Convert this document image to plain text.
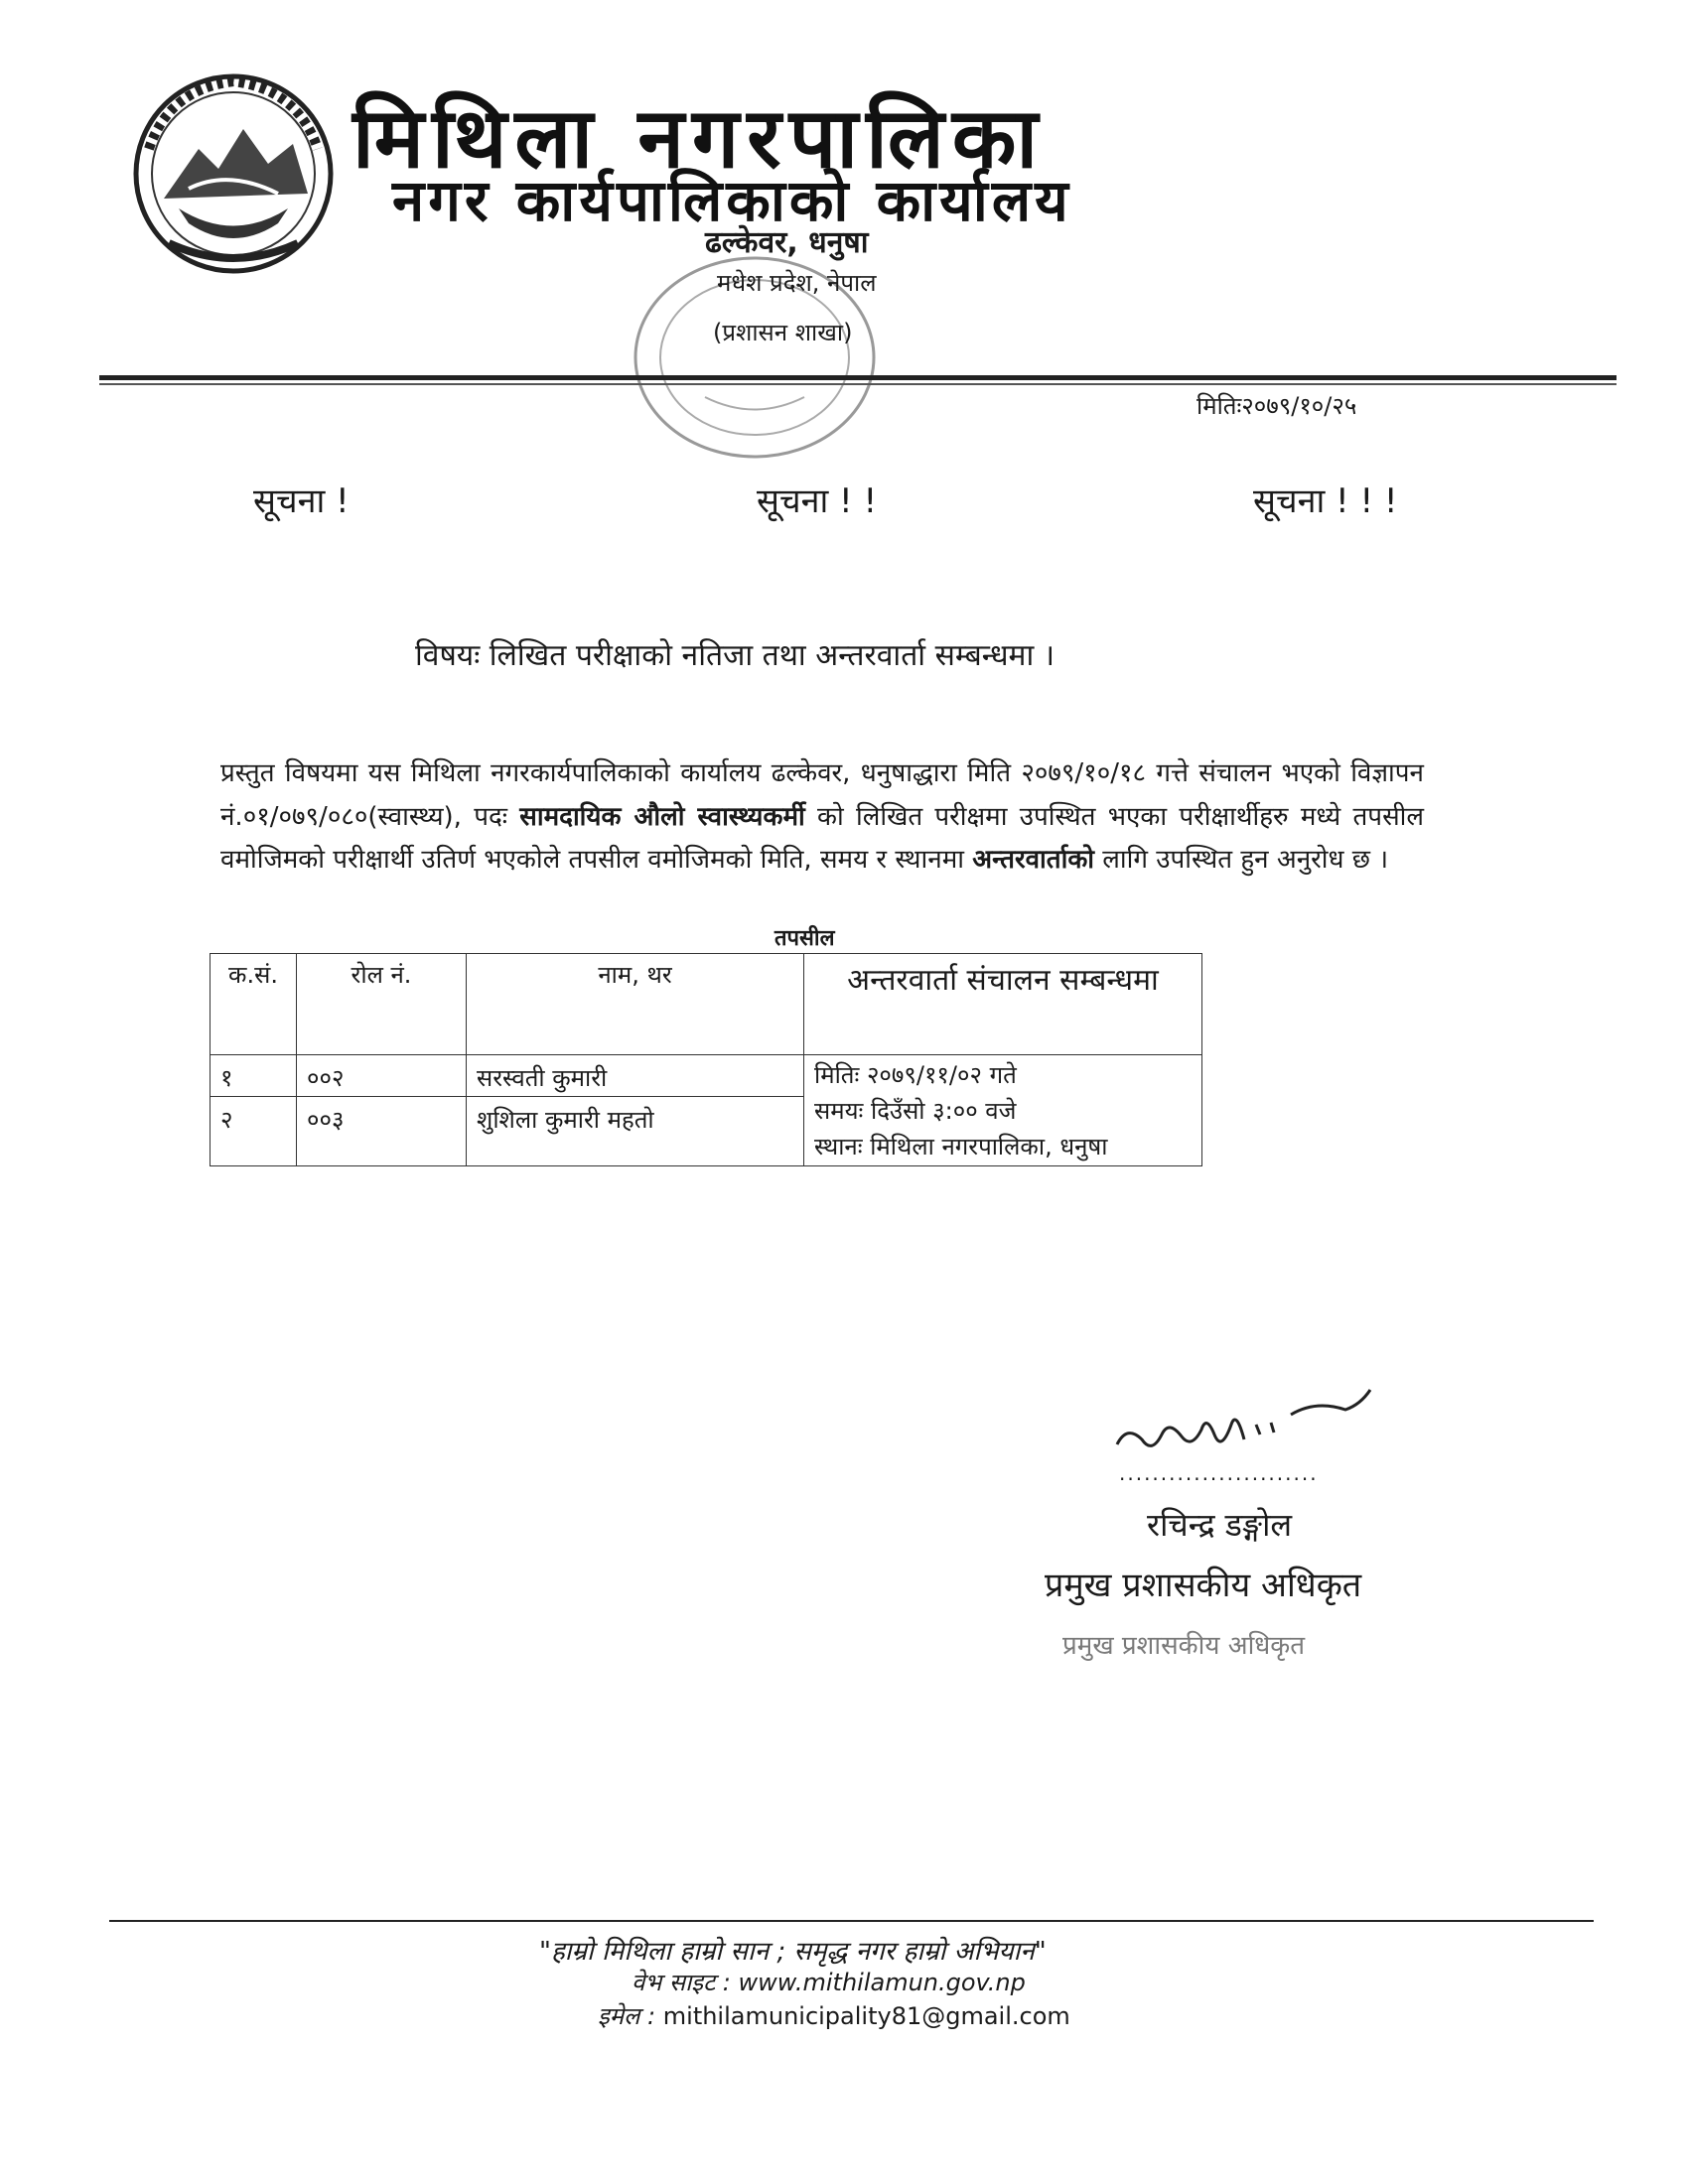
मिथिला नगरपालिका
नगर कार्यपालिकाको कार्यालय
ढल्केवर, धनुषा
मधेश प्रदेश, नेपाल
(प्रशासन शाखा)
मितिः२०७९/१०/२५
सूचना !	सूचना ! !	सूचना ! ! !
विषयः लिखित परीक्षाको नतिजा तथा अन्तरवार्ता सम्बन्धमा ।
प्रस्तुत विषयमा यस मिथिला नगरकार्यपालिकाको कार्यालय ढल्केवर, धनुषाद्धारा मिति २०७९/१०/१८ गत्ते संचालन भएको विज्ञापन नं.०१/०७९/०८०(स्वास्थ्य), पदः सामदायिक औलो स्वास्थ्यकर्मी को लिखित परीक्षमा उपस्थित भएका परीक्षार्थीहरु मध्ये तपसील वमोजिमको परीक्षार्थी उतिर्ण भएकोले तपसील वमोजिमको मिति, समय र स्थानमा अन्तरवार्ताको लागि उपस्थित हुन अनुरोध छ ।
तपसील
क.सं.	रोल नं.	नाम, थर	अन्तरवार्ता संचालन सम्बन्धमा

१	००२	सरस्वती कुमारी	मितिः २०७९/११/०२ गते
समयः दिउँसो ३:०० वजे
स्थानः मिथिला नगरपालिका, धनुषा

२	००३	शुशिला कुमारी महतो	
........................
रचिन्द्र डङ्गोल
प्रमुख प्रशासकीय अधिकृत
प्रमुख प्रशासकीय अधिकृत
"हाम्रो मिथिला हाम्रो सान ; समृद्ध नगर हाम्रो अभियान"
वेभ साइट : www.mithilamun.gov.np
इमेल : mithilamunicipality81@gmail.com
